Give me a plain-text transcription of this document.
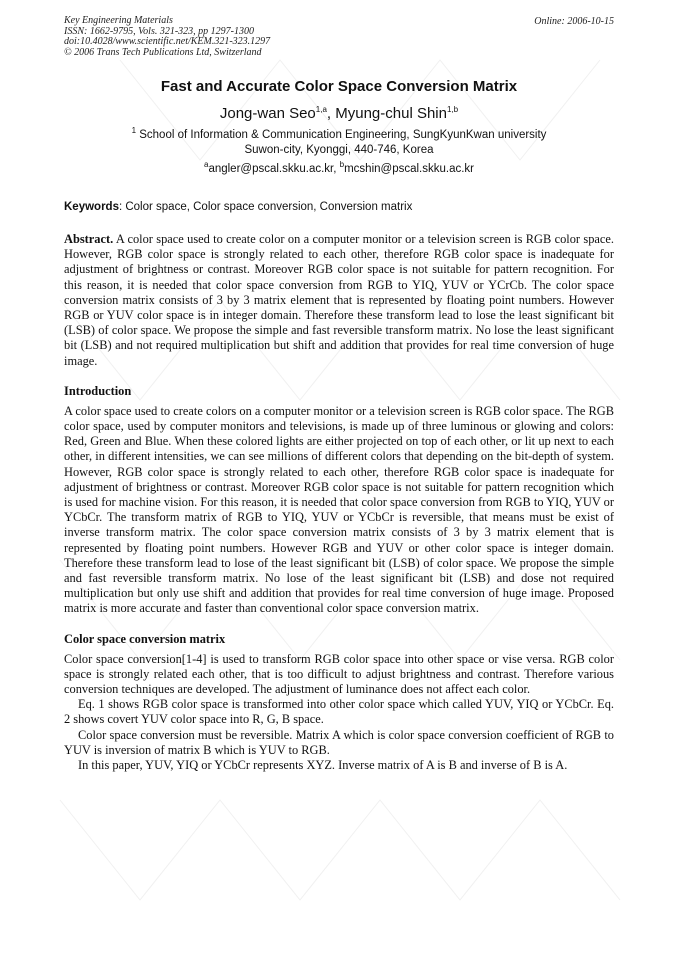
Online: 2006-10-15
Key Engineering Materials
ISSN: 1662-9795, Vols. 321-323, pp 1297-1300
doi:10.4028/www.scientific.net/KEM.321-323.1297
© 2006 Trans Tech Publications Ltd, Switzerland
Fast and Accurate Color Space Conversion Matrix
Jong-wan Seo$^{1,a}$, Myung-chul Shin$^{1,b}$
$^1$ School of Information & Communication Engineering, SungKyunKwan university
Suwon-city, Kyonggi, 440-746, Korea
$^a$angler@pscal.skku.ac.kr, $^b$mcshin@pscal.skku.ac.kr
Keywords: Color space, Color space conversion, Conversion matrix

Abstract. A color space used to create color on a computer monitor or a television screen is RGB color space. However, RGB color space is strongly related to each other, therefore RGB color space is inadequate for adjustment of brightness or contrast. Moreover RGB color space is not suitable for pattern recognition. For this reason, it is needed that color space conversion from RGB to YIQ, YUV or YCrCb. The color space conversion matrix consists of 3 by 3 matrix element that is represented by floating point numbers. However RGB or YUV color space is in integer domain. Therefore these transform lead to lose the least significant bit (LSB) of color space. We propose the simple and fast reversible transform matrix. No lose the least significant bit (LSB) and not required multiplication but shift and addition that provides for real time conversion of huge image.

Introduction

A color space used to create colors on a computer monitor or a television screen is RGB color space. The RGB color space, used by computer monitors and televisions, is made up of three luminous or glowing and colors: Red, Green and Blue. When these colored lights are either projected on top of each other, or lit up next to each other, in different intensities, we can see millions of different colors that depending on the bit-depth of system. However, RGB color space is strongly related to each other, therefore RGB color space is inadequate for adjustment of brightness or contrast. Moreover RGB color space is not suitable for pattern recognition which is used for machine vision. For this reason, it is needed that color space conversion from RGB to YIQ, YUV or YCbCr. The transform matrix of RGB to YIQ, YUV or YCbCr is reversible, that means must be exist of inverse transform matrix. The color space conversion matrix consists of 3 by 3 matrix element that is represented by floating point numbers. However RGB and YUV or other color space is integer domain. Therefore these transform lead to lose of the least significant bit (LSB) of color space. We propose the simple and fast reversible transform matrix. No lose of the least significant bit (LSB) and dose not required multiplication but only use shift and addition that provides for real time conversion of huge image. Proposed matrix is more accurate and faster than conventional color space conversion matrix.

Color space conversion matrix

Color space conversion[1-4] is used to transform RGB color space into other space or vise versa. RGB color space is strongly related each other, that is too difficult to adjust brightness and contrast. Therefore various conversion techniques are developed. The adjustment of luminance does not affect each color.

Eq. 1 shows RGB color space is transformed into other color space which called YUV, YIQ or YCbCr. Eq. 2 shows covert YUV color space into R, G, B space.

Color space conversion must be reversible. Matrix A which is color space conversion coefficient of RGB to YUV is inversion of matrix B which is YUV to RGB.

In this paper, YUV, YIQ or YCbCr represents XYZ. Inverse matrix of A is B and inverse of B is A.
